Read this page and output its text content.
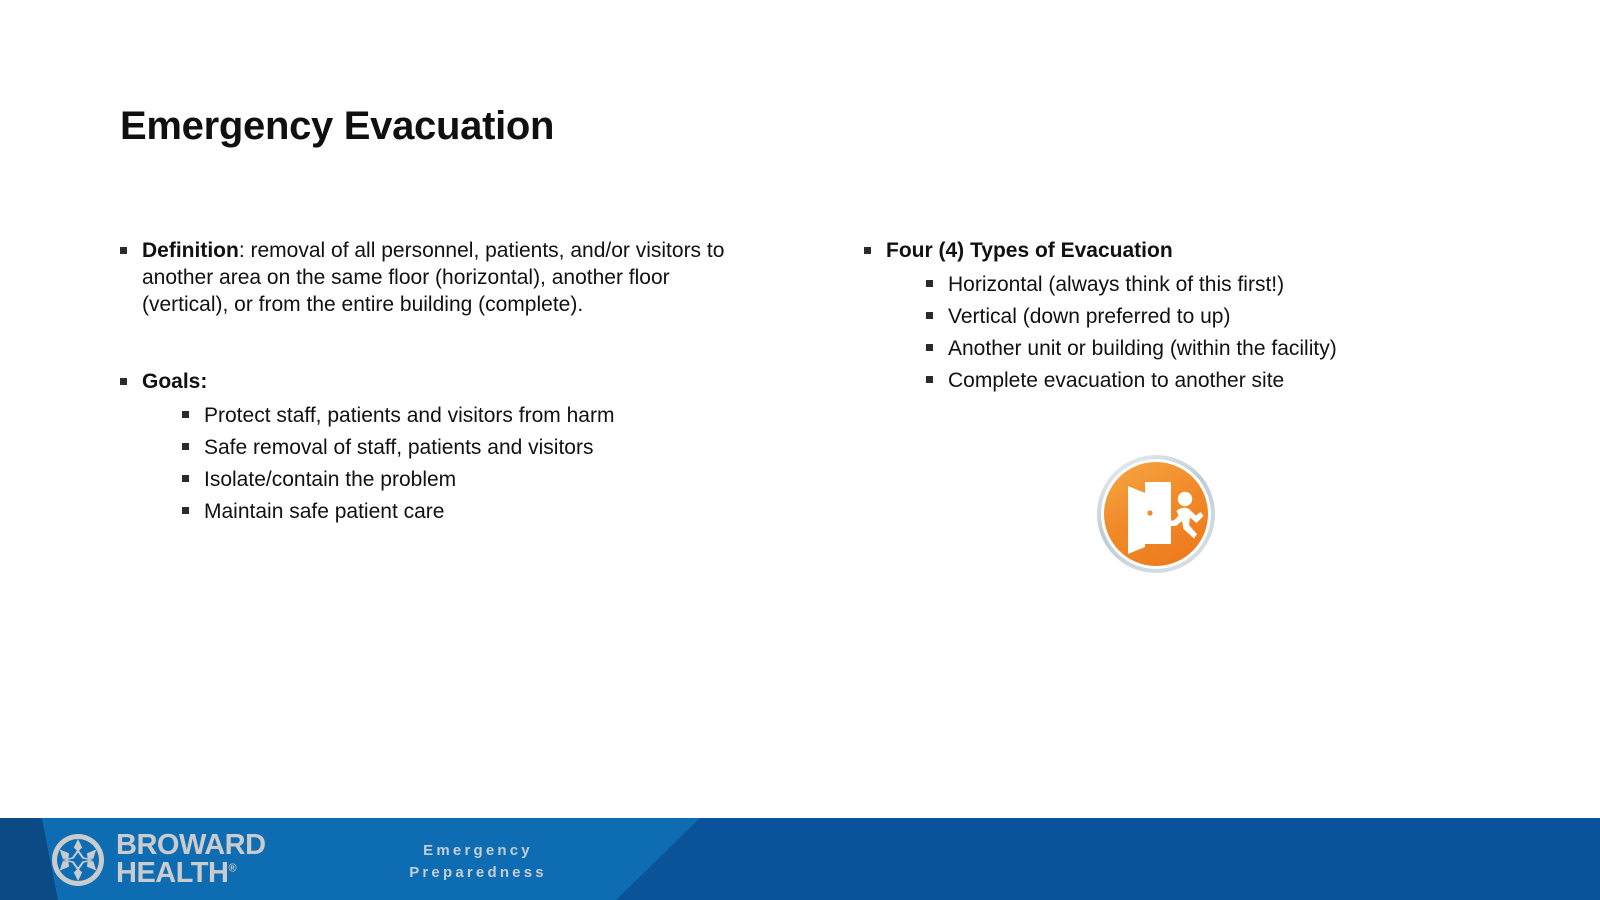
Emergency Evacuation
Definition: removal of all personnel, patients, and/or visitors to another area on the same floor (horizontal), another floor (vertical), or from the entire building (complete).
Goals:
Protect staff, patients and visitors from harm
Safe removal of staff, patients and visitors
Isolate/contain the problem
Maintain safe patient care
Four (4) Types of Evacuation
Horizontal (always think of this first!)
Vertical (down preferred to up)
Another unit or building (within the facility)
Complete evacuation to another site
BROWARD
HEALTH®
Emergency
Preparedness
